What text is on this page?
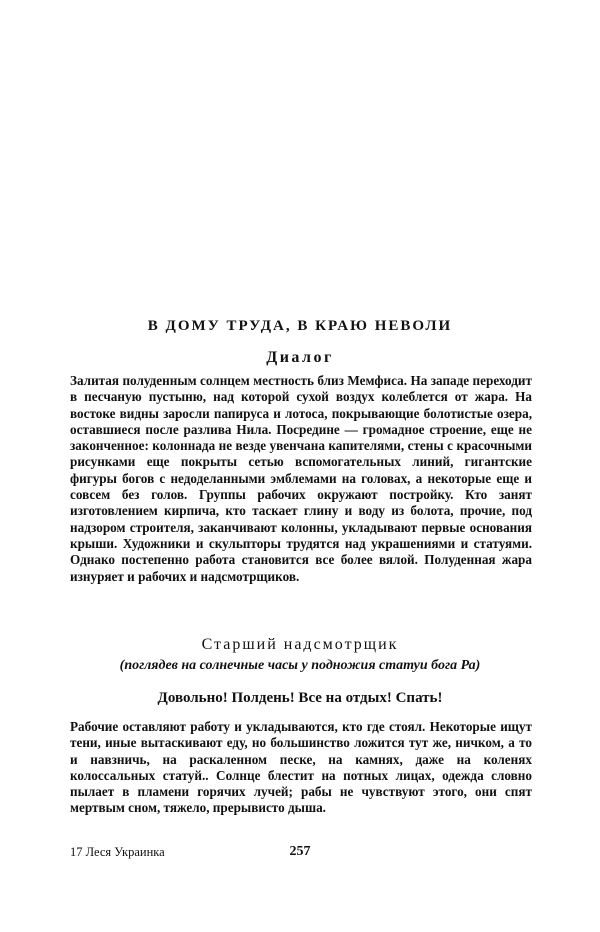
В ДОМУ ТРУДА, В КРАЮ НЕВОЛИ
Диалог
Залитая полуденным солнцем местность близ Мемфиса. На западе переходит в песчаную пустыню, над которой сухой воздух колеблется от жара. На востоке видны заросли папируса и лотоса, покрывающие болотистые озера, оставшиеся после разлива Нила. Посредине — громадное строение, еще не законченное: колоннада не везде увенчана капителями, стены с красочными рисунками еще покрыты сетью вспомогательных линий, гигантские фигуры богов с недоделанными эмблемами на головах, а некоторые еще и совсем без голов. Группы рабочих окружают постройку. Кто занят изготовлением кирпича, кто таскает глину и воду из болота, прочие, под надзором строителя, заканчивают колонны, укладывают первые основания крыши. Художники и скульпторы трудятся над украшениями и статуями. Однако постепенно работа становится все более вялой. Полуденная жара изнуряет и рабочих и надсмотрщиков.
Старший надсмотрщик
(поглядев на солнечные часы у подножия статуи бога Ра)
Довольно! Полдень! Все на отдых! Спать!
Рабочие оставляют работу и укладываются, кто где стоял. Некоторые ищут тени, иные вытаскивают еду, но большинство ложится тут же, ничком, а то и навзничь, на раскаленном песке, на камнях, даже на коленях колоссальных статуй.. Солнце блестит на потных лицах, одежда словно пылает в пламени горячих лучей; рабы не чувствуют этого, они спят мертвым сном, тяжело, прерывисто дыша.
17 Леся Украинка	257
